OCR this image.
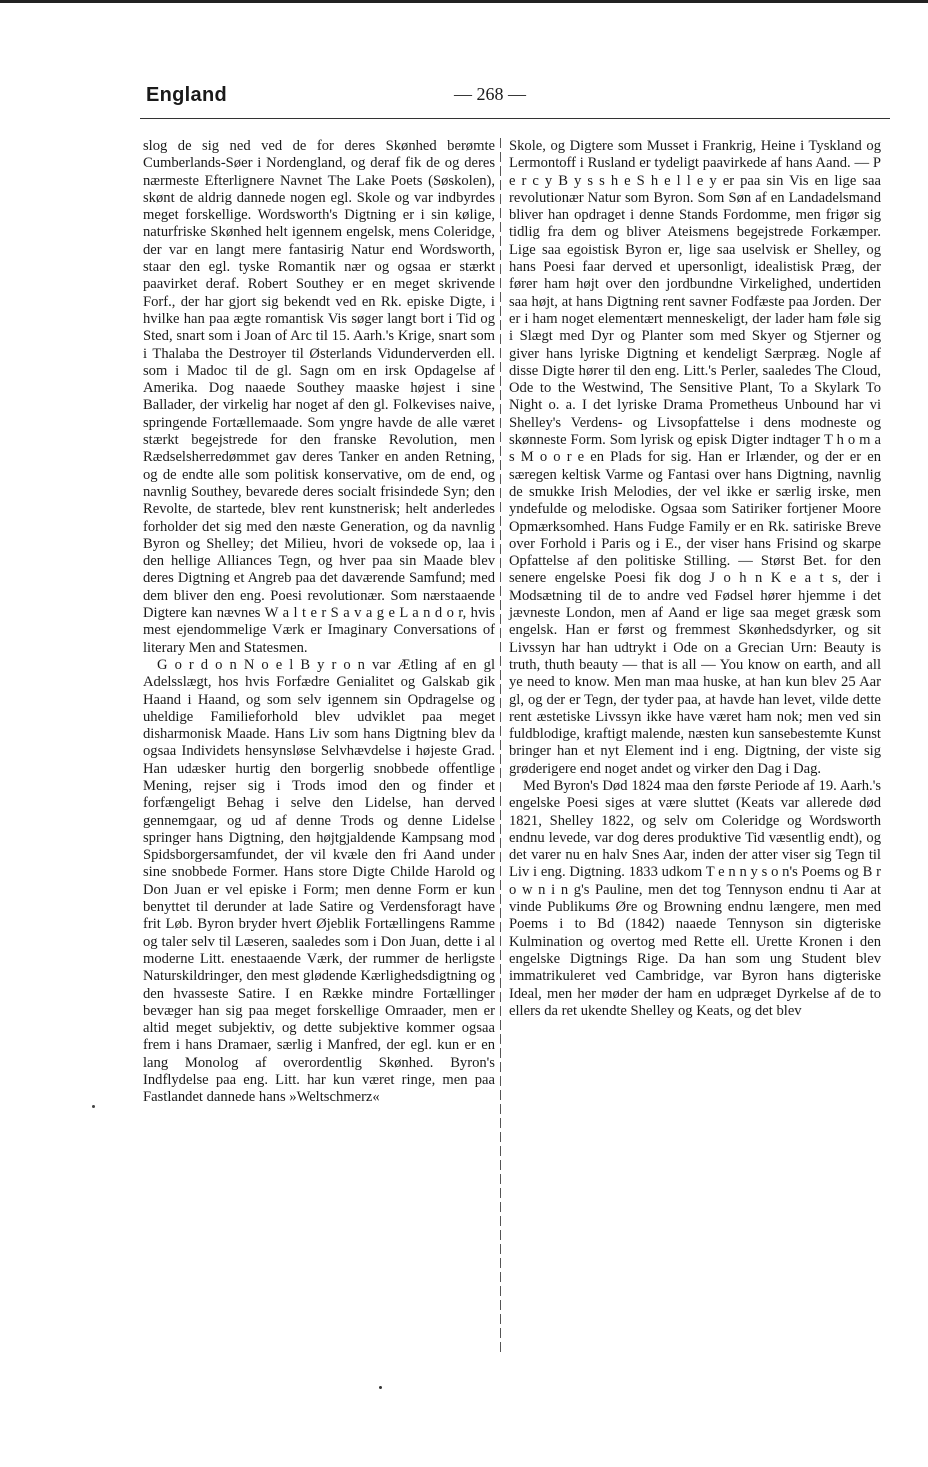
England	— 268 —

slog de sig ned ved de for deres Skønhed berømte Cumberlands-Søer i Nordengland, og deraf fik de og deres nærmeste Efterlignere Navnet The Lake Poets (Søskolen), skønt de aldrig dannede nogen egl. Skole og var indbyrdes meget forskellige. Wordsworth's Digtning er i sin kølige, naturfriske Skønhed helt igennem engelsk, mens Coleridge, der var en langt mere fantasirig Natur end Wordsworth, staar den egl. tyske Romantik nær og ogsaa er stærkt paavirket deraf. Robert Southey er en meget skrivende Forf., der har gjort sig bekendt ved en Rk. episke Digte, i hvilke han paa ægte romantisk Vis søger langt bort i Tid og Sted, snart som i Joan of Arc til 15. Aarh.'s Krige, snart som i Thalaba the Destroyer til Østerlands Vidunderverden ell. som i Madoc til de gl. Sagn om en irsk Opdagelse af Amerika. Dog naaede Southey maaske højest i sine Ballader, der virkelig har noget af den gl. Folkevises naive, springende Fortællemaade. Som yngre havde de alle været stærkt begejstrede for den franske Revolution, men Rædselsherredømmet gav deres Tanker en anden Retning, og de endte alle som politisk konservative, om de end, og navnlig Southey, bevarede deres socialt frisindede Syn; den Revolte, de startede, blev rent kunstnerisk; helt anderledes forholder det sig med den næste Generation, og da navnlig Byron og Shelley; det Milieu, hvori de voksede op, laa i den hellige Alliances Tegn, og hver paa sin Maade blev deres Digtning et Angreb paa det daværende Samfund; med dem bliver den eng. Poesi revolutionær. Som nærstaaende Digtere kan nævnes W a l t e r S a v a g e L a n d o r, hvis mest ejendommelige Værk er Imaginary Conversations of literary Men and Statesmen.

G o r d o n N o e l B y r o n var Ætling af en gl Adelsslægt, hos hvis Forfædre Genialitet og Galskab gik Haand i Haand, og som selv igennem sin Opdragelse og uheldige Familieforhold blev udviklet paa meget disharmonisk Maade. Hans Liv som hans Digtning blev da ogsaa Individets hensynsløse Selvhævdelse i højeste Grad. Han udæsker hurtig den borgerlig snobbede offentlige Mening, rejser sig i Trods imod den og finder et forfængeligt Behag i selve den Lidelse, han derved gennemgaar, og ud af denne Trods og denne Lidelse springer hans Digtning, den højtgjaldende Kampsang mod Spidsborgersamfundet, der vil kvæle den fri Aand under sine snobbede Former. Hans store Digte Childe Harold og Don Juan er vel episke i Form; men denne Form er kun benyttet til derunder at lade Satire og Verdensforagt have frit Løb. Byron bryder hvert Øjeblik Fortællingens Ramme og taler selv til Læseren, saaledes som i Don Juan, dette i al moderne Litt. enestaaende Værk, der rummer de herligste Naturskildringer, den mest glødende Kærlighedsdigtning og den hvasseste Satire. I en Række mindre Fortællinger bevæger han sig paa meget forskellige Omraader, men er altid meget subjektiv, og dette subjektive kommer ogsaa frem i hans Dramaer, særlig i Manfred, der egl. kun er en lang Monolog af overordentlig Skønhed. Byron's Indflydelse paa eng. Litt. har kun været ringe, men paa Fastlandet dannede hans »Weltschmerz«

Skole, og Digtere som Musset i Frankrig, Heine i Tyskland og Lermontoff i Rusland er tydeligt paavirkede af hans Aand. — P e r c y B y s s h e S h e l l e y er paa sin Vis en lige saa revolutionær Natur som Byron. Som Søn af en Landadelsmand bliver han opdraget i denne Stands Fordomme, men frigør sig tidlig fra dem og bliver Ateismens begejstrede Forkæmper. Lige saa egoistisk Byron er, lige saa uselvisk er Shelley, og hans Poesi faar derved et upersonligt, idealistisk Præg, der fører ham højt over den jordbundne Virkelighed, undertiden saa højt, at hans Digtning rent savner Fodfæste paa Jorden. Der er i ham noget elementært menneskeligt, der lader ham føle sig i Slægt med Dyr og Planter som med Skyer og Stjerner og giver hans lyriske Digtning et kendeligt Særpræg. Nogle af disse Digte hører til den eng. Litt.'s Perler, saaledes The Cloud, Ode to the Westwind, The Sensitive Plant, To a Skylark To Night o. a. I det lyriske Drama Prometheus Unbound har vi Shelley's Verdens- og Livsopfattelse i dens modneste og skønneste Form. Som lyrisk og episk Digter indtager T h o m a s M o o r e en Plads for sig. Han er Irlænder, og der er en særegen keltisk Varme og Fantasi over hans Digtning, navnlig de smukke Irish Melodies, der vel ikke er særlig irske, men yndefulde og melodiske. Ogsaa som Satiriker fortjener Moore Opmærksomhed. Hans Fudge Family er en Rk. satiriske Breve over Forhold i Paris og i E., der viser hans Frisind og skarpe Opfattelse af den politiske Stilling. — Størst Bet. for den senere engelske Poesi fik dog J o h n K e a t s, der i Modsætning til de to andre ved Fødsel hører hjemme i det jævneste London, men af Aand er lige saa meget græsk som engelsk. Han er først og fremmest Skønhedsdyrker, og sit Livssyn har han udtrykt i Ode on a Grecian Urn: Beauty is truth, thuth beauty — that is all — You know on earth, and all ye need to know. Men man maa huske, at han kun blev 25 Aar gl, og der er Tegn, der tyder paa, at havde han levet, vilde dette rent æstetiske Livssyn ikke have været ham nok; men ved sin fuldblodige, kraftigt malende, næsten kun sansebestemte Kunst bringer han et nyt Element ind i eng. Digtning, der viste sig grøderigere end noget andet og virker den Dag i Dag.

Med Byron's Død 1824 maa den første Periode af 19. Aarh.'s engelske Poesi siges at være sluttet (Keats var allerede død 1821, Shelley 1822, og selv om Coleridge og Wordsworth endnu levede, var dog deres produktive Tid væsentlig endt), og det varer nu en halv Snes Aar, inden der atter viser sig Tegn til Liv i eng. Digtning. 1833 udkom T e n n y s o n's Poems og B r o w n i n g's Pauline, men det tog Tennyson endnu ti Aar at vinde Publikums Øre og Browning endnu længere, men med Poems i to Bd (1842) naaede Tennyson sin digteriske Kulmination og overtog med Rette ell. Urette Kronen i den engelske Digtnings Rige. Da han som ung Student blev immatrikuleret ved Cambridge, var Byron hans digteriske Ideal, men her møder der ham en udpræget Dyrkelse af de to ellers da ret ukendte Shelley og Keats, og det blev
